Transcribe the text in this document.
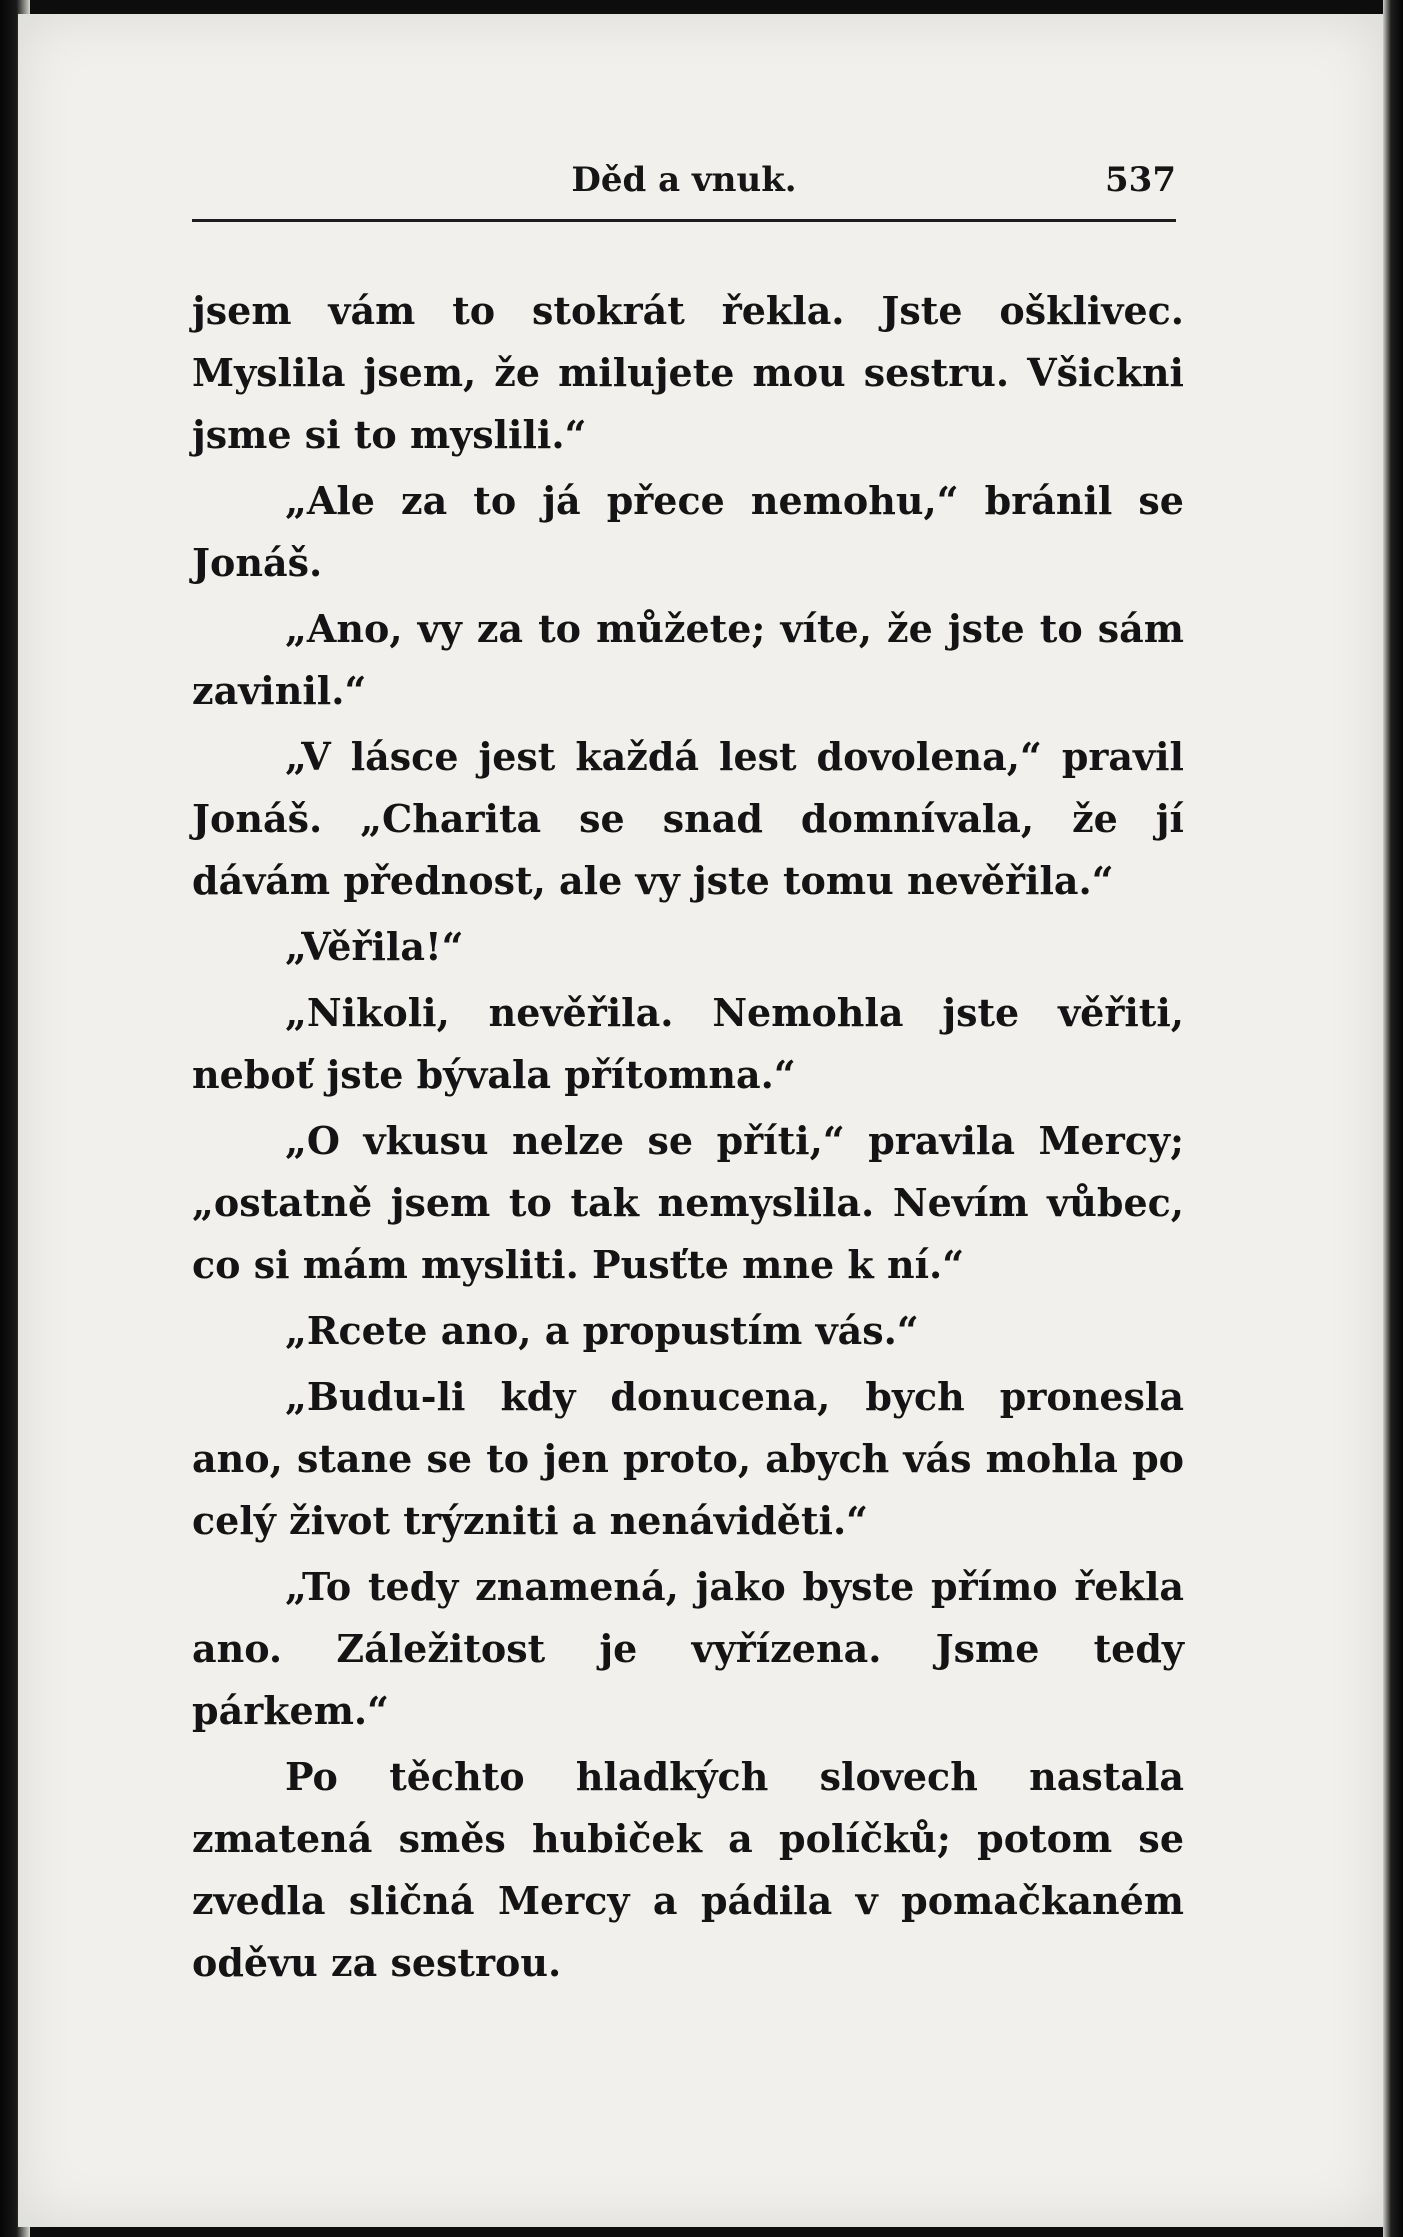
Děd a vnuk.	537

jsem vám to stokrát řekla. Jste ošklivec. Myslila jsem, že milujete mou sestru. Všickni jsme si to myslili.“

„Ale za to já přece nemohu,“ bránil se Jonáš.

„Ano, vy za to můžete; víte, že jste to sám zavinil.“

„V lásce jest každá lest dovolena,“ pravil Jonáš. „Charita se snad domnívala, že jí dávám přednost, ale vy jste tomu nevěřila.“

„Věřila!“

„Nikoli, nevěřila. Nemohla jste věřiti, neboť jste bývala přítomna.“

„O vkusu nelze se příti,“ pravila Mercy; „ostatně jsem to tak nemyslila. Nevím vůbec, co si mám mysliti. Pusťte mne k ní.“

„Rcete ano, a propustím vás.“

„Budu-li kdy donucena, bych pronesla ano, stane se to jen proto, abych vás mohla po celý život trýzniti a nenáviděti.“

„To tedy znamená, jako byste přímo řekla ano. Záležitost je vyřízena. Jsme tedy párkem.“

Po těchto hladkých slovech nastala zmatená směs hubiček a políčků; potom se zvedla sličná Mercy a pádila v pomačkaném oděvu za sestrou.
